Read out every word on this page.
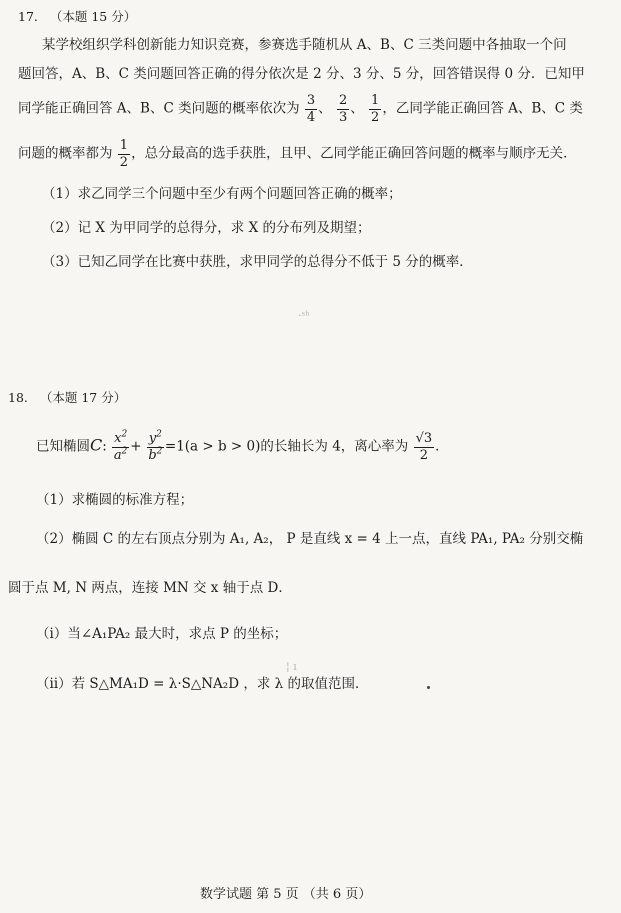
17. （本题 15 分）
某学校组织学科创新能力知识竞赛，参赛选手随机从 A、B、C 三类问题中各抽取一个问
题回答，A、B、C 类问题回答正确的得分依次是 2 分、3 分、5 分，回答错误得 0 分．已知甲
同学能正确回答 A、B、C 类问题的概率依次为 $\frac{3}{4}$ 、 $\frac{2}{3}$ 、 $\frac{1}{2}$ ，乙同学能正确回答 A、B、C 类
问题的概率都为 $\frac{1}{2}$ ，总分最高的选手获胜，且甲、乙同学能正确回答问题的概率与顺序无关．
（1）求乙同学三个问题中至少有两个问题回答正确的概率；
（2）记 X 为甲同学的总得分，求 X 的分布列及期望；
（3）已知乙同学在比赛中获胜，求甲同学的总得分不低于 5 分的概率．
·ˢʰ
18. （本题 17 分）
已知椭圆C: $\frac{x^2}{a^2} + \frac{y^2}{b^2} =1(a > b > 0)$的长轴长为 4，离心率为 $\frac{√3}{2}$ ．
（1）求椭圆的标准方程；
（2）椭圆 C 的左右顶点分别为 A₁, A₂， P 是直线 x = 4 上一点，直线 PA₁, PA₂ 分别交椭
圆于点 M, N 两点，连接 MN 交 x 轴于点 D．
（ⅰ）当∠A₁PA₂ 最大时，求点 P 的坐标；
¦ ı
（ⅱ）若 S△MA₁D = λ·S△NA₂D ，求 λ 的取值范围．
数学试题 第 5 页 （共 6 页）
